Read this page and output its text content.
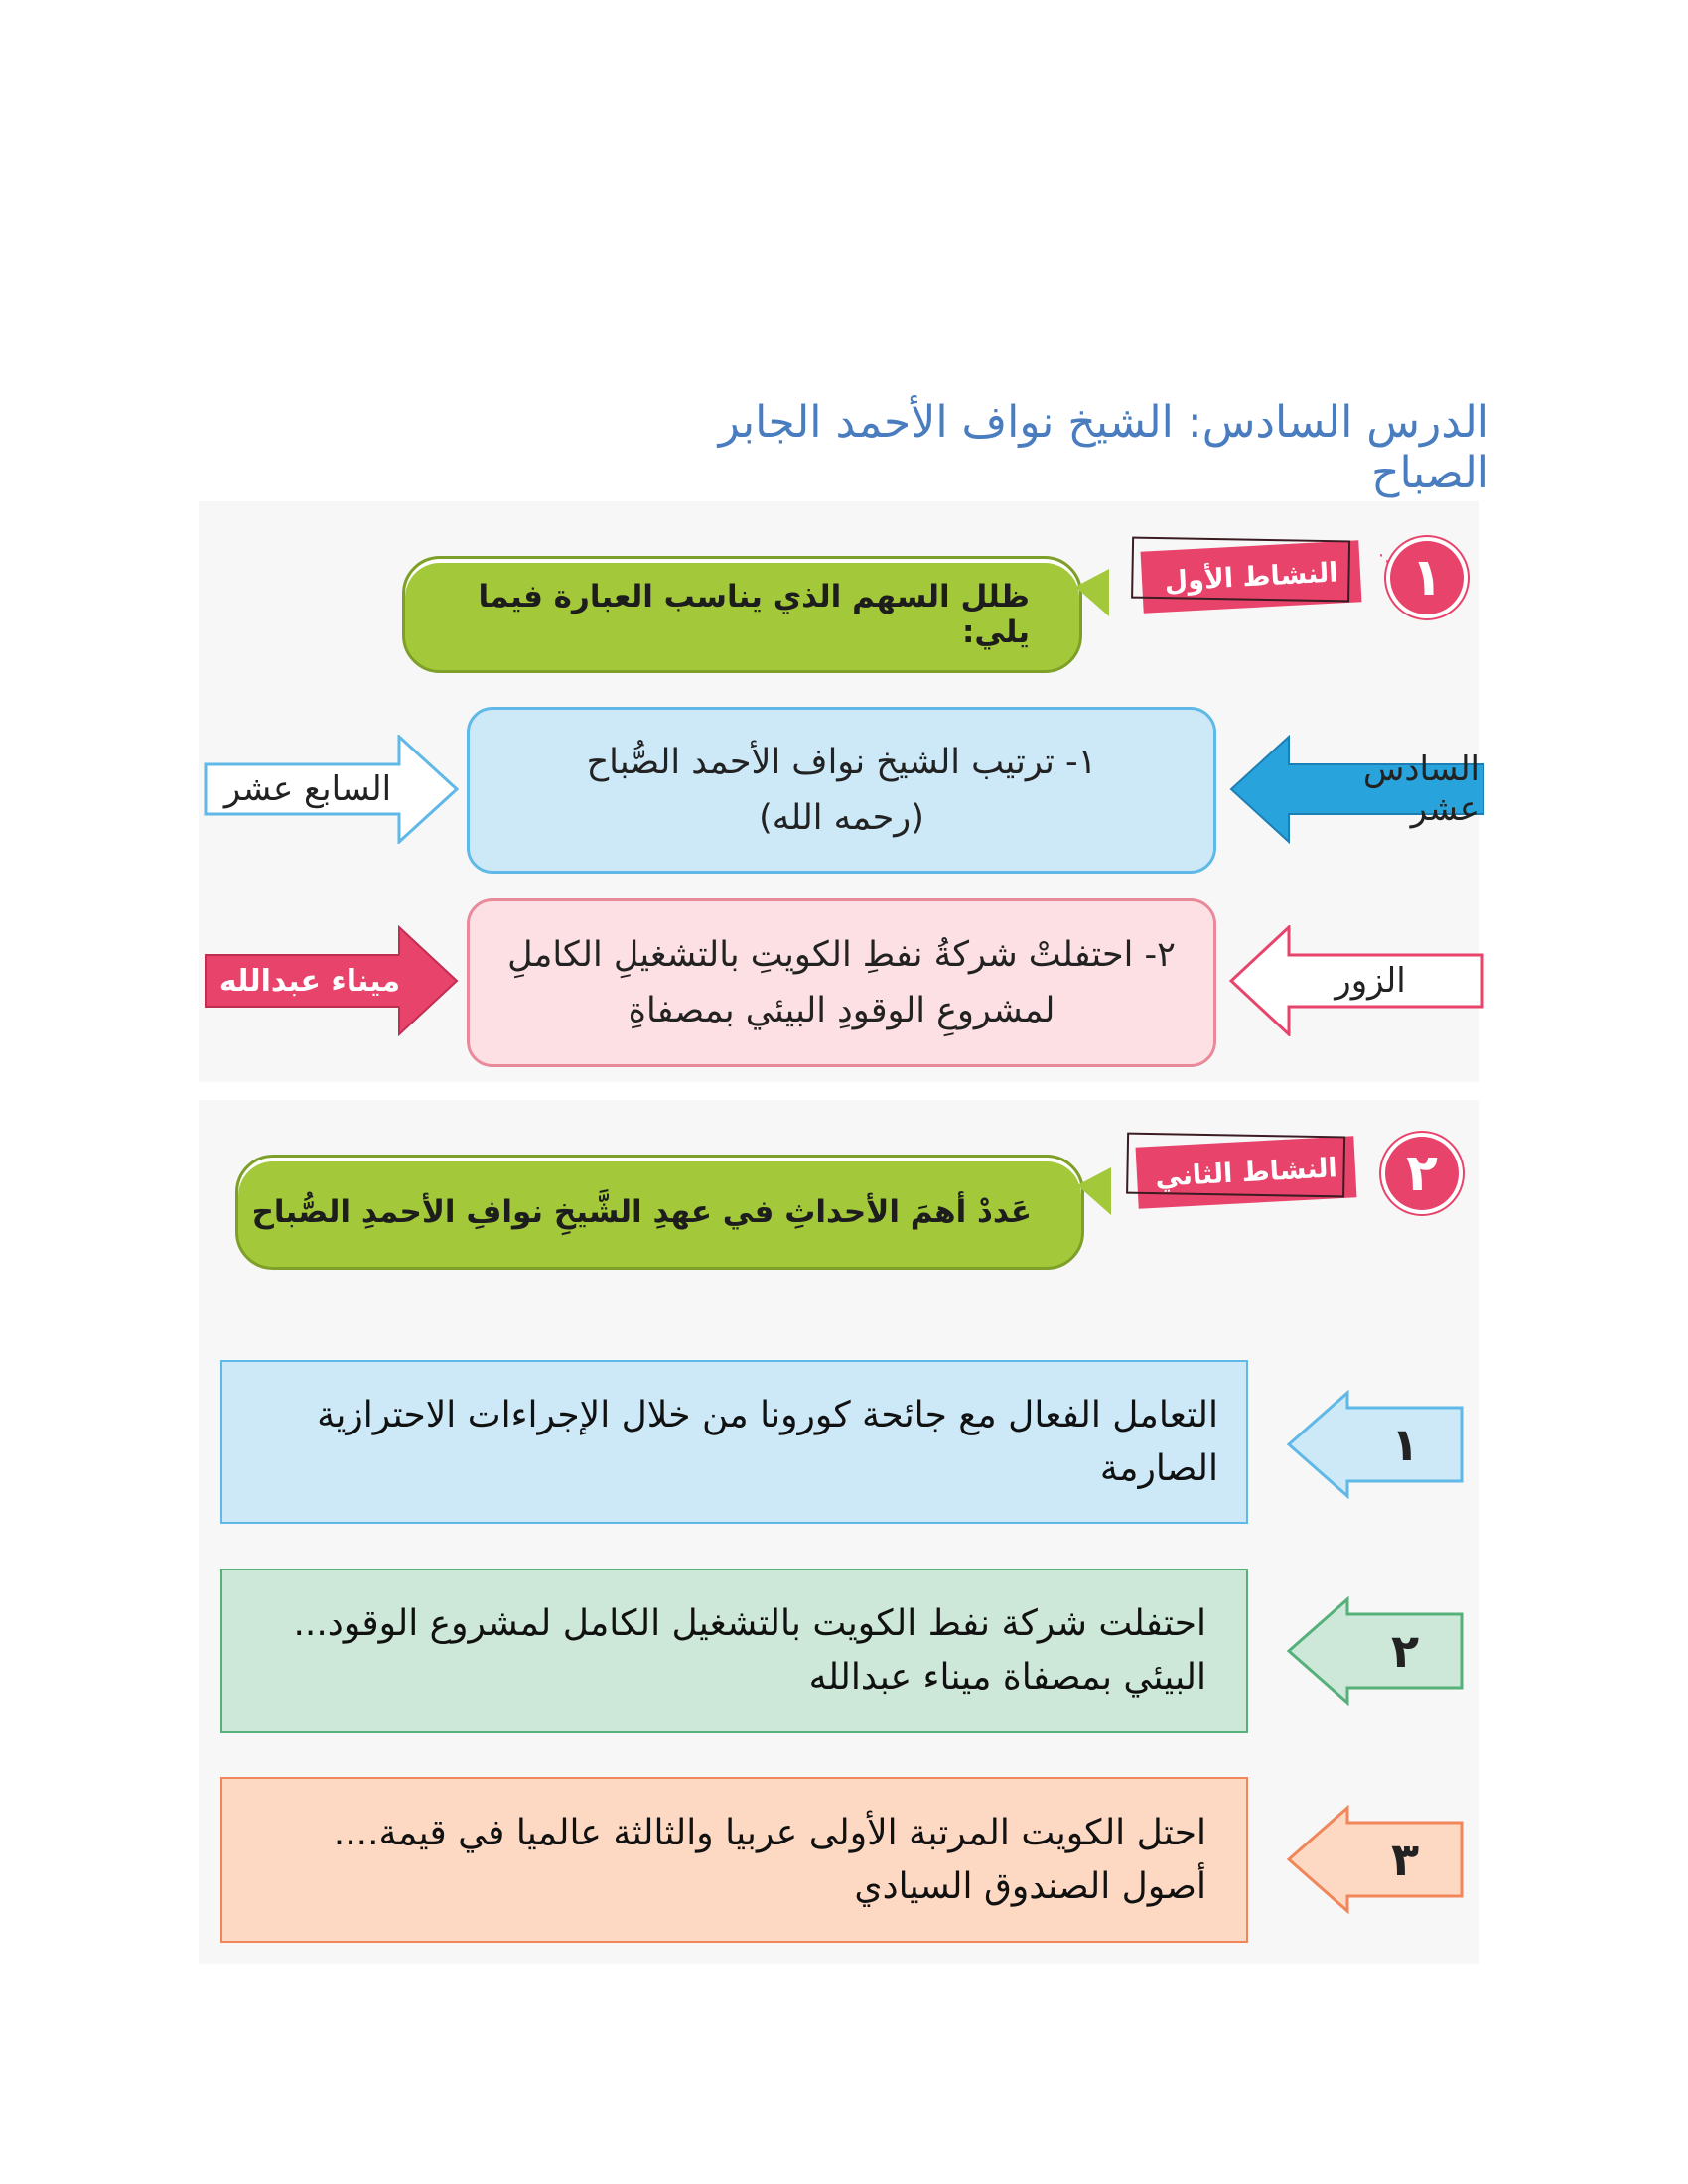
الدرس السادس: الشيخ نواف الأحمد الجابر الصباح
١
النشاط الأول ⋰
ظلل السهم الذي يناسب العبارة فيما يلي:
١- ترتيب الشيخ نواف الأحمد الصُّباح
(رحمه الله)
السادس عشر
السابع عشر
٢- احتفلتْ شركةُ نفطِ الكويتِ بالتشغيلِ الكاملِ
لمشروعِ الوقودِ البيئي بمصفاةِ
الزور
ميناء عبدالله
٢
النشاط الثاني
عَددْ أهمَ الأحداثِ في عهدِ الشَّيخِ نوافِ الأحمدِ الصُّباح
التعامل الفعال مع جائحة كورونا من خلال الإجراءات الاحترازية
الصارمة	١
احتفلت شركة نفط الكويت بالتشغيل الكامل لمشروع الوقود...
البيئي بمصفاة ميناء عبدالله	٢
احتل الكويت المرتبة الأولى عربيا والثالثة عالميا في قيمة....
أصول الصندوق السيادي	٣
